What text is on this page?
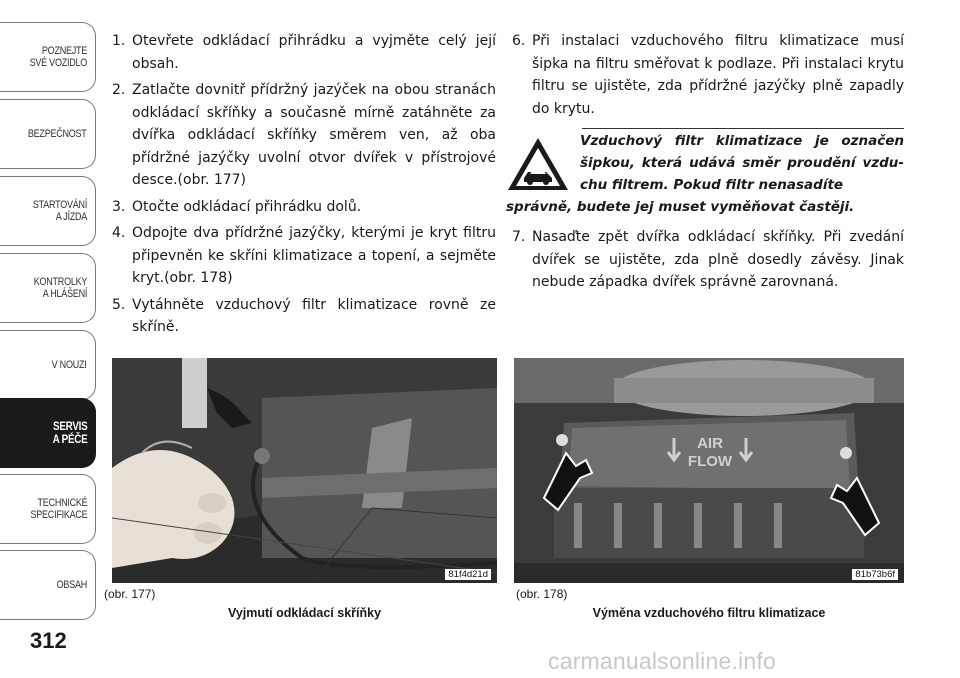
POZNEJTE
SVÉ VOZIDLO
BEZPEČNOST
STARTOVÁNÍ
A JÍZDA
KONTROLKY
A HLÁŠENÍ
V NOUZI
SERVIS
A PÉČE
TECHNICKÉ
SPECIFIKACE
OBSAH
312

1. Otevřete odkládací přihrádku a vyjměte celý její obsah.

2. Zatlačte dovnitř přídržný jazýček na obou stranách odkládací skříňky a současně mírně zatáhněte za dvířka odkládací skříňky směrem ven, až oba přídržné jazýčky uvolní otvor dvířek v přístrojové desce.(obr. 177)

3. Otočte odkládací přihrádku dolů.

4. Odpojte dva přídržné jazýčky, kterými je kryt filtru připevněn ke skříni klimatizace a topení, a sejměte kryt.(obr. 178)

5. Vytáhněte vzduchový filtr klimatizace rovně ze skříně.

6. Při instalaci vzduchového filtru klimatizace musí šipka na filtru směřovat k podlaze. Při instalaci krytu filtru se ujistěte, zda přídržné jazýčky plně zapadly do krytu.

Vzduchový filtr klimatizace je označen šipkou, která udává směr proudění vzdu- chu filtrem. Pokud filtr nenasadíte
správně, budete jej muset vyměňovat častěji.

7. Nasaďte zpět dvířka odkládací skříňky. Při zvedání dvířek se ujistěte, zda plně dosedly závěsy. Jinak nebude západka dvířek správně zarovnaná.

81f4d21d
(obr. 177)
Vyjmutí odkládací skříňky
AIR
FLOW
81b73b6f
(obr. 178)
Výměna vzduchového filtru klimatizace
carmanualsonline.info
